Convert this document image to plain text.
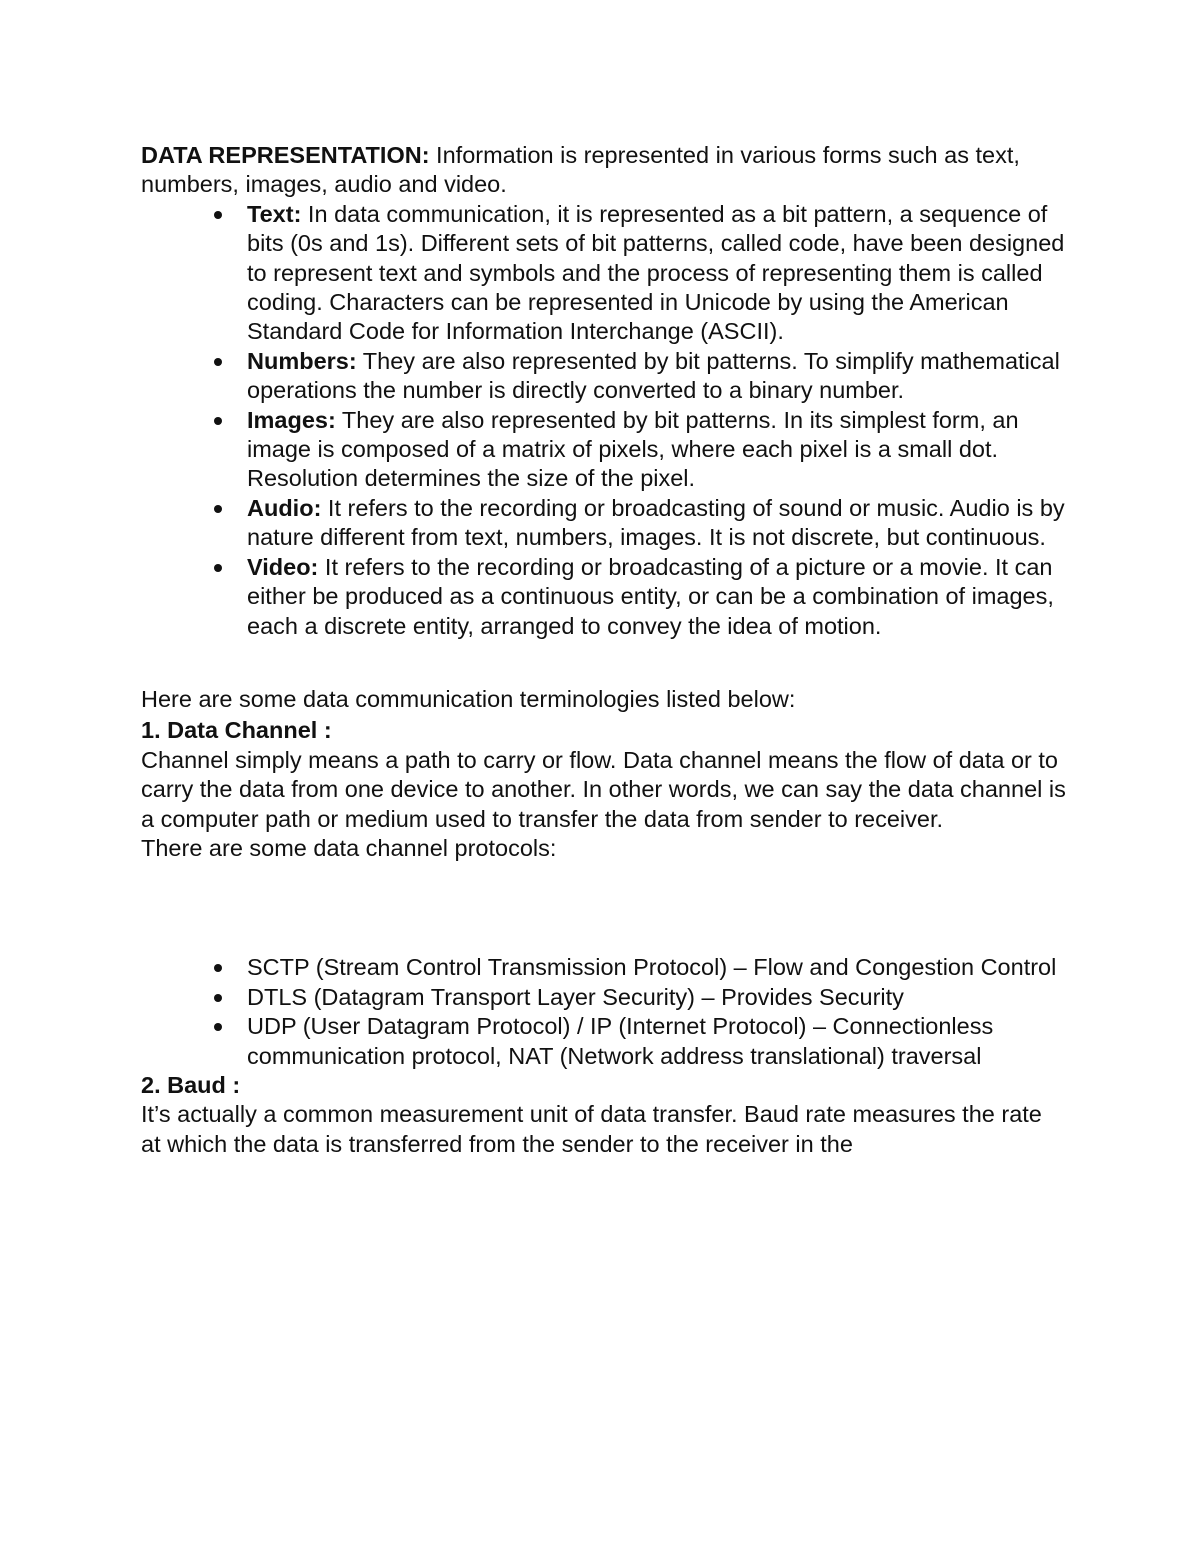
DATA REPRESENTATION: Information is represented in various forms such as text, numbers, images, audio and video.

Text: In data communication, it is represented as a bit pattern, a sequence of bits (0s and 1s). Different sets of bit patterns, called code, have been designed to represent text and symbols and the process of representing them is called coding. Characters can be represented in Unicode by using the American Standard Code for Information Interchange (ASCII).
Numbers: They are also represented by bit patterns. To simplify mathematical operations the number is directly converted to a binary number.
Images: They are also represented by bit patterns. In its simplest form, an image is composed of a matrix of pixels, where each pixel is a small dot. Resolution determines the size of the pixel.
Audio: It refers to the recording or broadcasting of sound or music. Audio is by nature different from text, numbers, images. It is not discrete, but continuous.
Video: It refers to the recording or broadcasting of a picture or a movie. It can either be produced as a continuous entity, or can be a combination of images, each a discrete entity, arranged to convey the idea of motion.

Here are some data communication terminologies listed below:

1. Data Channel :

Channel simply means a path to carry or flow. Data channel means the flow of data or to carry the data from one device to another. In other words, we can say the data channel is a computer path or medium used to transfer the data from sender to receiver.

There are some data channel protocols:

SCTP (Stream Control Transmission Protocol) – Flow and Congestion Control
DTLS (Datagram Transport Layer Security) – Provides Security
UDP (User Datagram Protocol) / IP (Internet Protocol) – Connectionless communication protocol, NAT (Network address translational) traversal

2. Baud :

It’s actually a common measurement unit of data transfer. Baud rate measures the rate at which the data is transferred from the sender to the receiver in the
